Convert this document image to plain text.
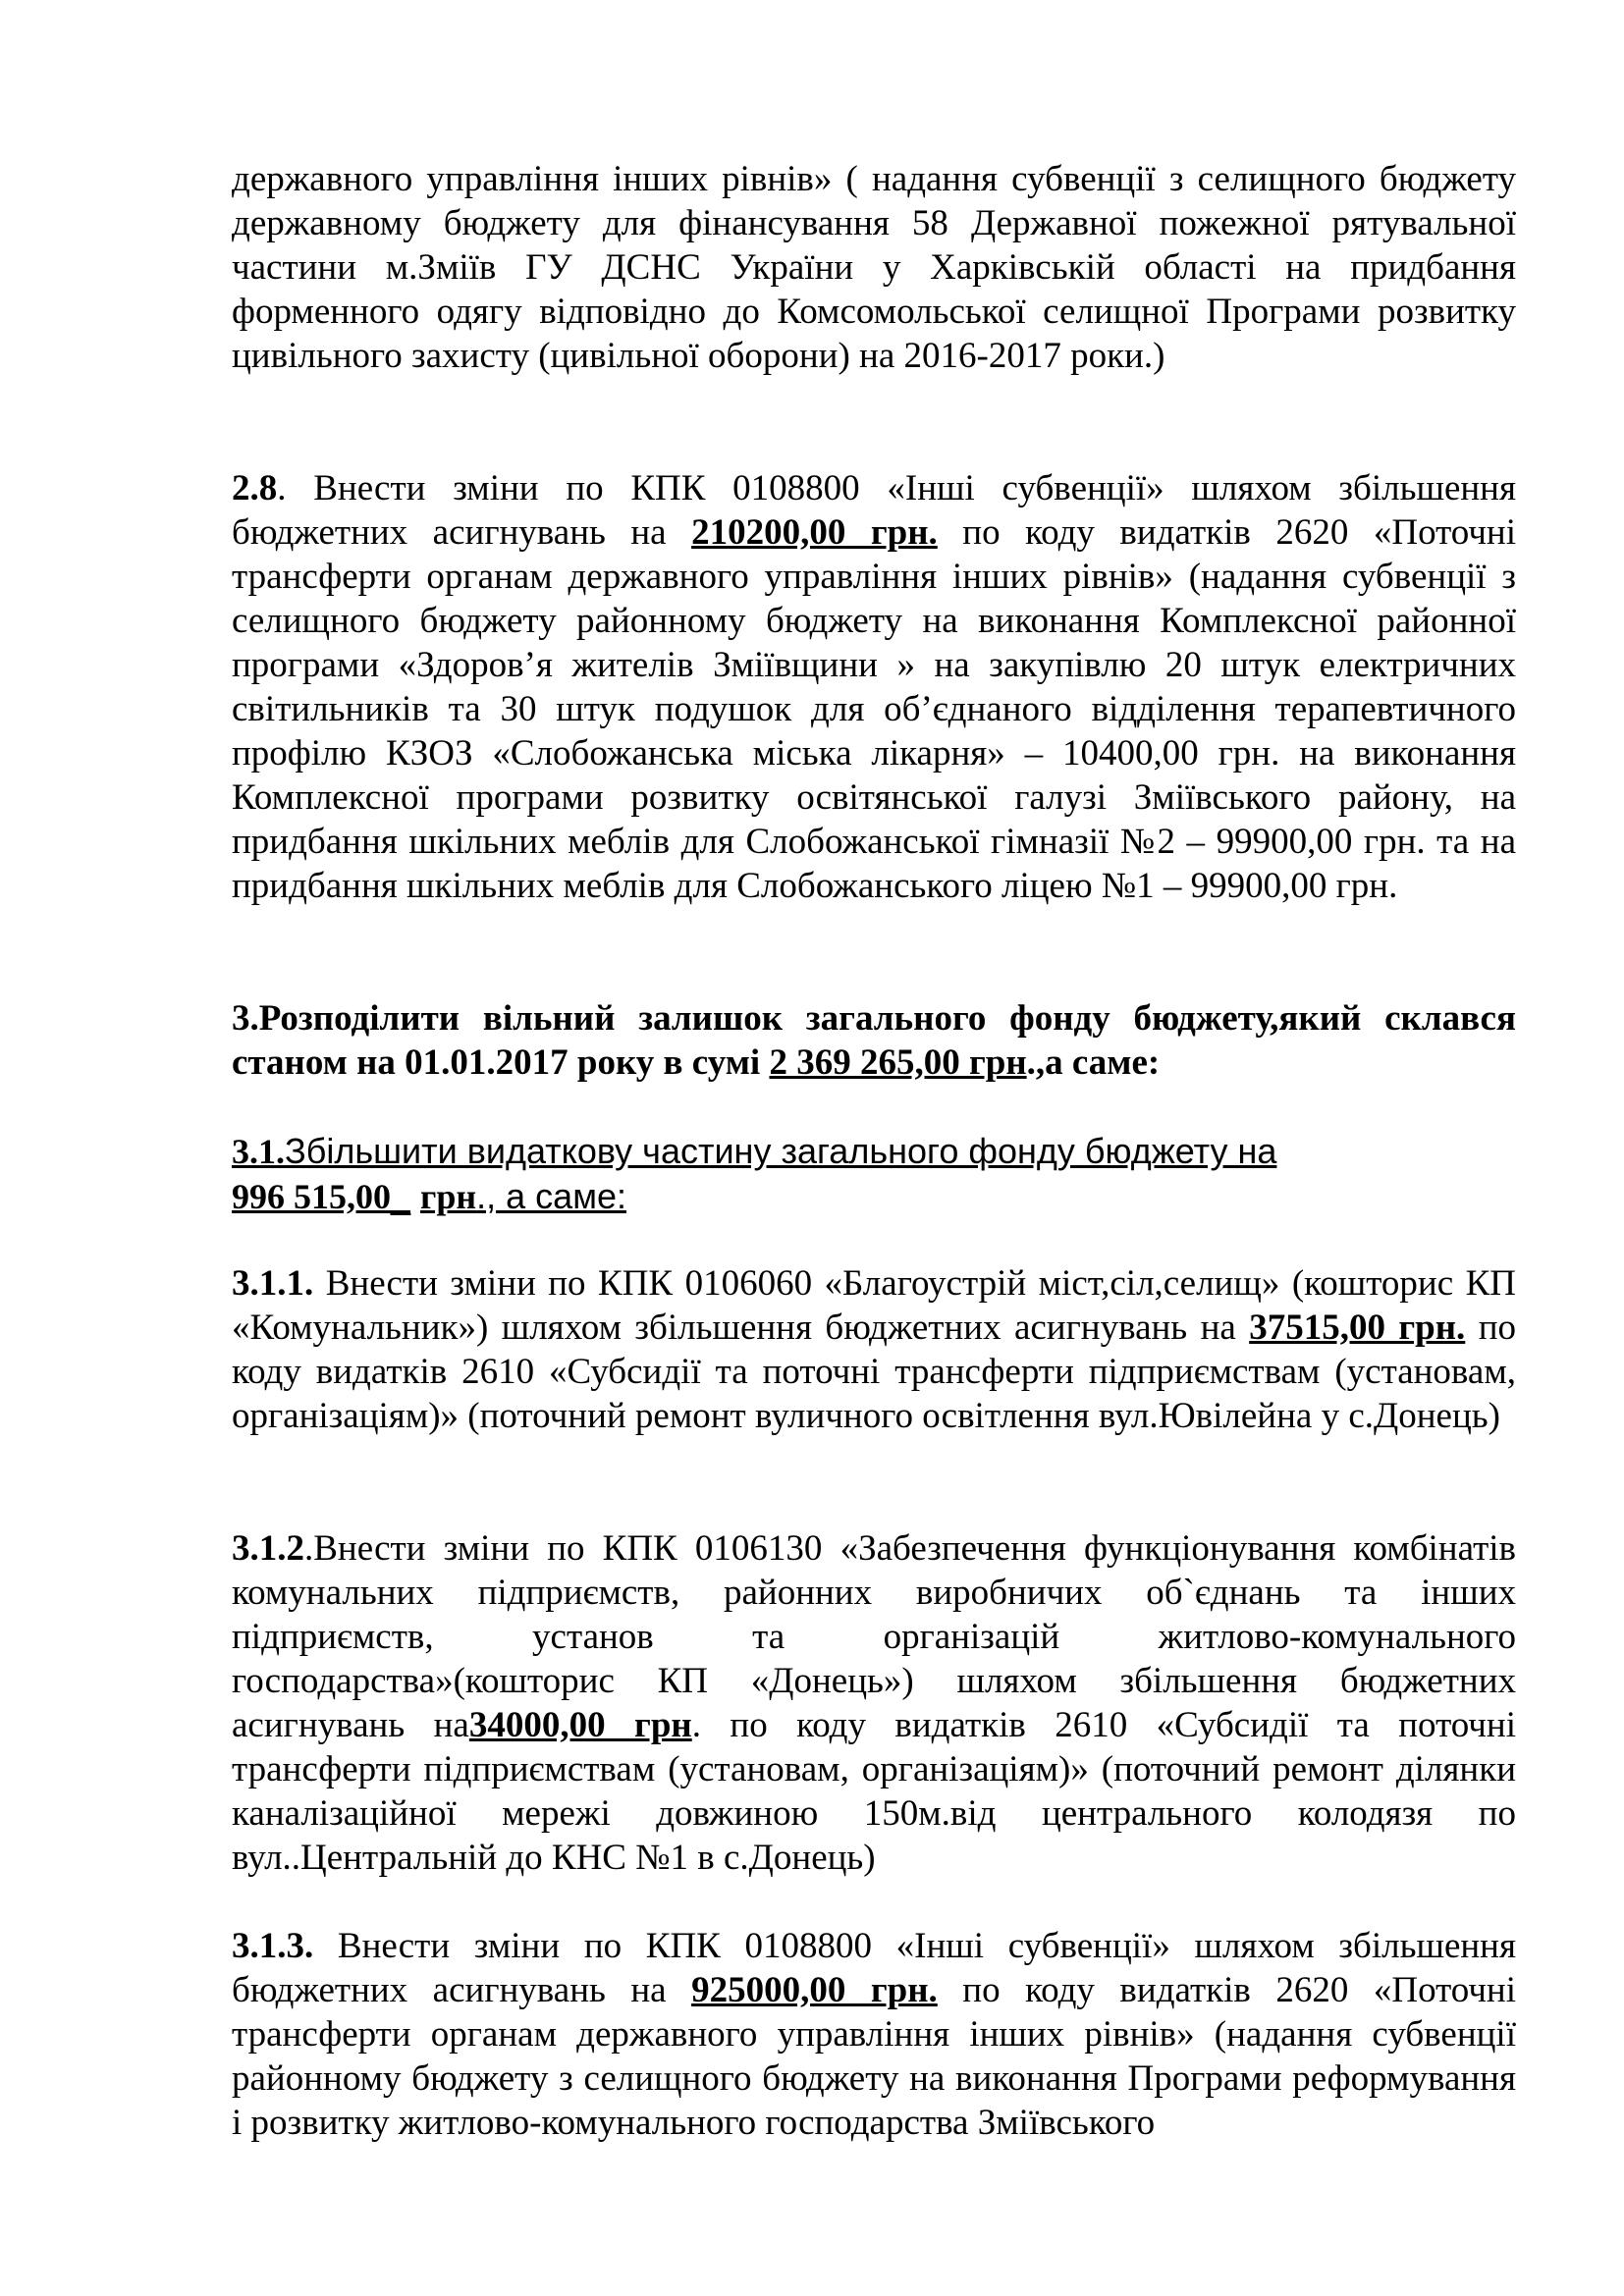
державного управління інших рівнів» ( надання субвенції з селищного бюджету державному бюджету для фінансування 58 Державної пожежної рятувальної частини м.Зміїв ГУ ДСНС України у Харківській області на придбання форменного одягу відповідно до Комсомольської селищної Програми розвитку цивільного захисту (цивільної оборони) на 2016-2017 роки.)

2.8. Внести зміни по КПК 0108800 «Інші субвенції» шляхом збільшення бюджетних асигнувань на 210200,00 грн. по коду видатків 2620 «Поточні трансферти органам державного управління інших рівнів» (надання субвенції з селищного бюджету районному бюджету на виконання Комплексної районної програми «Здоров’я жителів Зміївщини » на закупівлю 20 штук електричних світильників та 30 штук подушок для об’єднаного відділення терапевтичного профілю КЗОЗ «Слобожанська міська лікарня» – 10400,00 грн. на виконання Комплексної програми розвитку освітянської галузі Зміївського району, на придбання шкільних меблів для Слобожанської гімназії №2 – 99900,00 грн. та на придбання шкільних меблів для Слобожанського ліцею №1 – 99900,00 грн.

3.Розподілити вільний залишок загального фонду бюджету,який склався станом на 01.01.2017 року в сумі 2 369 265,00 грн.,а саме:

3.1.Збільшити видаткову частину загального фонду бюджету на
996 515,00_ грн., а саме:

3.1.1. Внести зміни по КПК 0106060 «Благоустрій міст,сіл,селищ» (кошторис КП «Комунальник») шляхом збільшення бюджетних асигнувань на 37515,00 грн. по коду видатків 2610 «Субсидії та поточні трансферти підприємствам (установам, організаціям)» (поточний ремонт вуличного освітлення вул.Ювілейна у с.Донець)

3.1.2.Внести зміни по КПК 0106130 «Забезпечення функціонування комбінатів комунальних підприємств, районних виробничих об`єднань та інших підприємств, установ та організацій житлово-комунального господарства»(кошторис КП «Донець») шляхом збільшення бюджетних асигнувань на34000,00 грн. по коду видатків 2610 «Субсидії та поточні трансферти підприємствам (установам, організаціям)» (поточний ремонт ділянки каналізаційної мережі довжиною 150м.від центрального колодязя по вул..Центральній до КНС №1 в с.Донець)

3.1.3. Внести зміни по КПК 0108800 «Інші субвенції» шляхом збільшення бюджетних асигнувань на 925000,00 грн. по коду видатків 2620 «Поточні трансферти органам державного управління інших рівнів» (надання субвенції районному бюджету з селищного бюджету на виконання Програми реформування і розвитку житлово-комунального господарства Зміївського
